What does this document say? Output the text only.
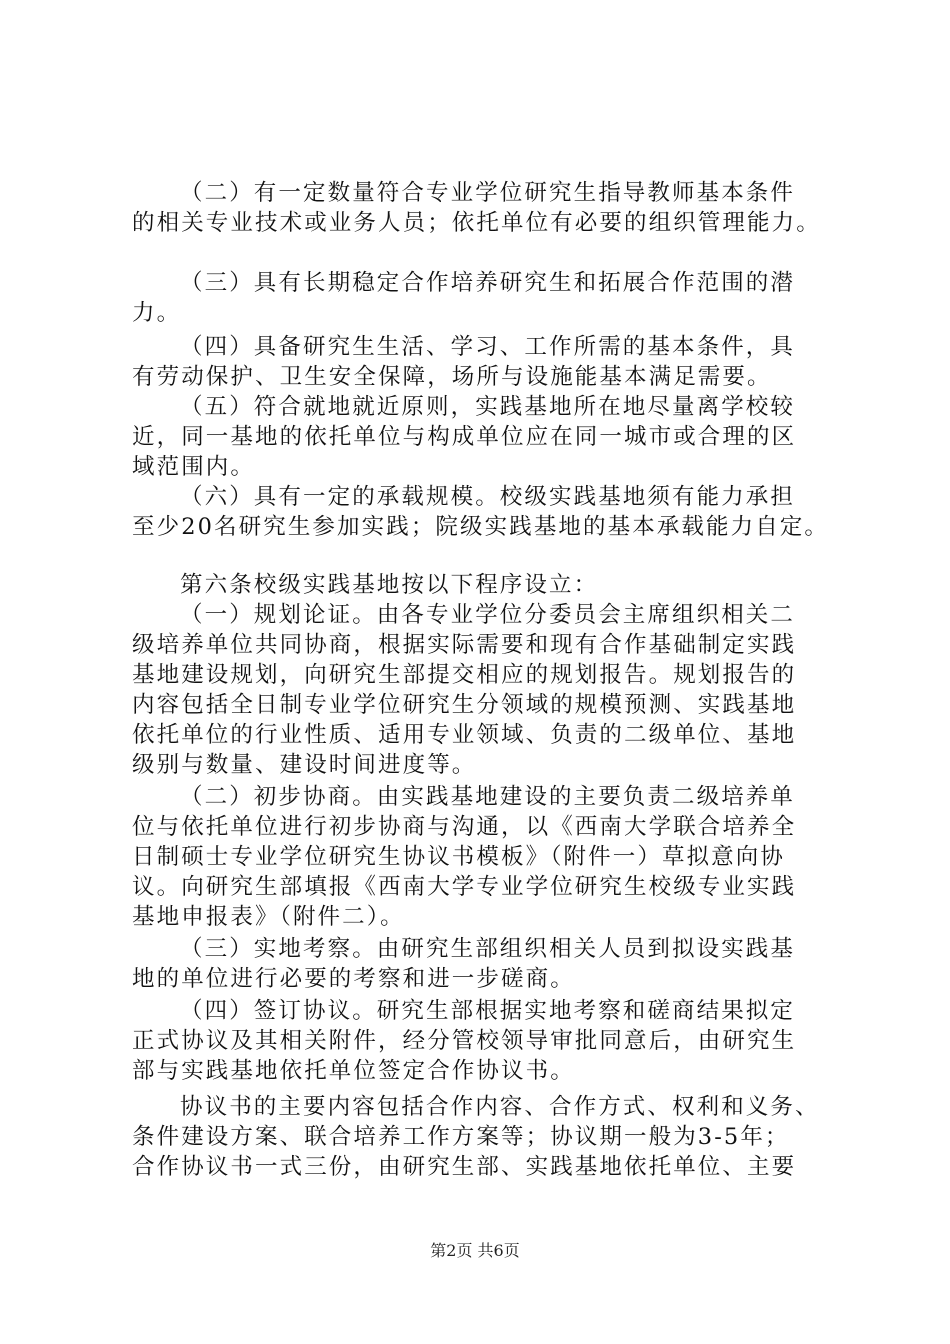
（二）有一定数量符合专业学位研究生指导教师基本条件
的相关专业技术或业务人员；依托单位有必要的组织管理能力。
（三）具有长期稳定合作培养研究生和拓展合作范围的潜
力。
（四）具备研究生生活、学习、工作所需的基本条件，具
有劳动保护、卫生安全保障，场所与设施能基本满足需要。
（五）符合就地就近原则，实践基地所在地尽量离学校较
近，同一基地的依托单位与构成单位应在同一城市或合理的区
域范围内。
（六）具有一定的承载规模。校级实践基地须有能力承担
至少20名研究生参加实践；院级实践基地的基本承载能力自定。
第六条校级实践基地按以下程序设立：
（一）规划论证。由各专业学位分委员会主席组织相关二
级培养单位共同协商，根据实际需要和现有合作基础制定实践
基地建设规划，向研究生部提交相应的规划报告。规划报告的
内容包括全日制专业学位研究生分领域的规模预测、实践基地
依托单位的行业性质、适用专业领域、负责的二级单位、基地
级别与数量、建设时间进度等。
（二）初步协商。由实践基地建设的主要负责二级培养单
位与依托单位进行初步协商与沟通，以《西南大学联合培养全
日制硕士专业学位研究生协议书模板》（附件一）草拟意向协
议。向研究生部填报《西南大学专业学位研究生校级专业实践
基地申报表》（附件二）。
（三）实地考察。由研究生部组织相关人员到拟设实践基
地的单位进行必要的考察和进一步磋商。
（四）签订协议。研究生部根据实地考察和磋商结果拟定
正式协议及其相关附件，经分管校领导审批同意后，由研究生
部与实践基地依托单位签定合作协议书。
协议书的主要内容包括合作内容、合作方式、权利和义务、
条件建设方案、联合培养工作方案等；协议期一般为3-5年；
合作协议书一式三份，由研究生部、实践基地依托单位、主要
第2页 共6页
